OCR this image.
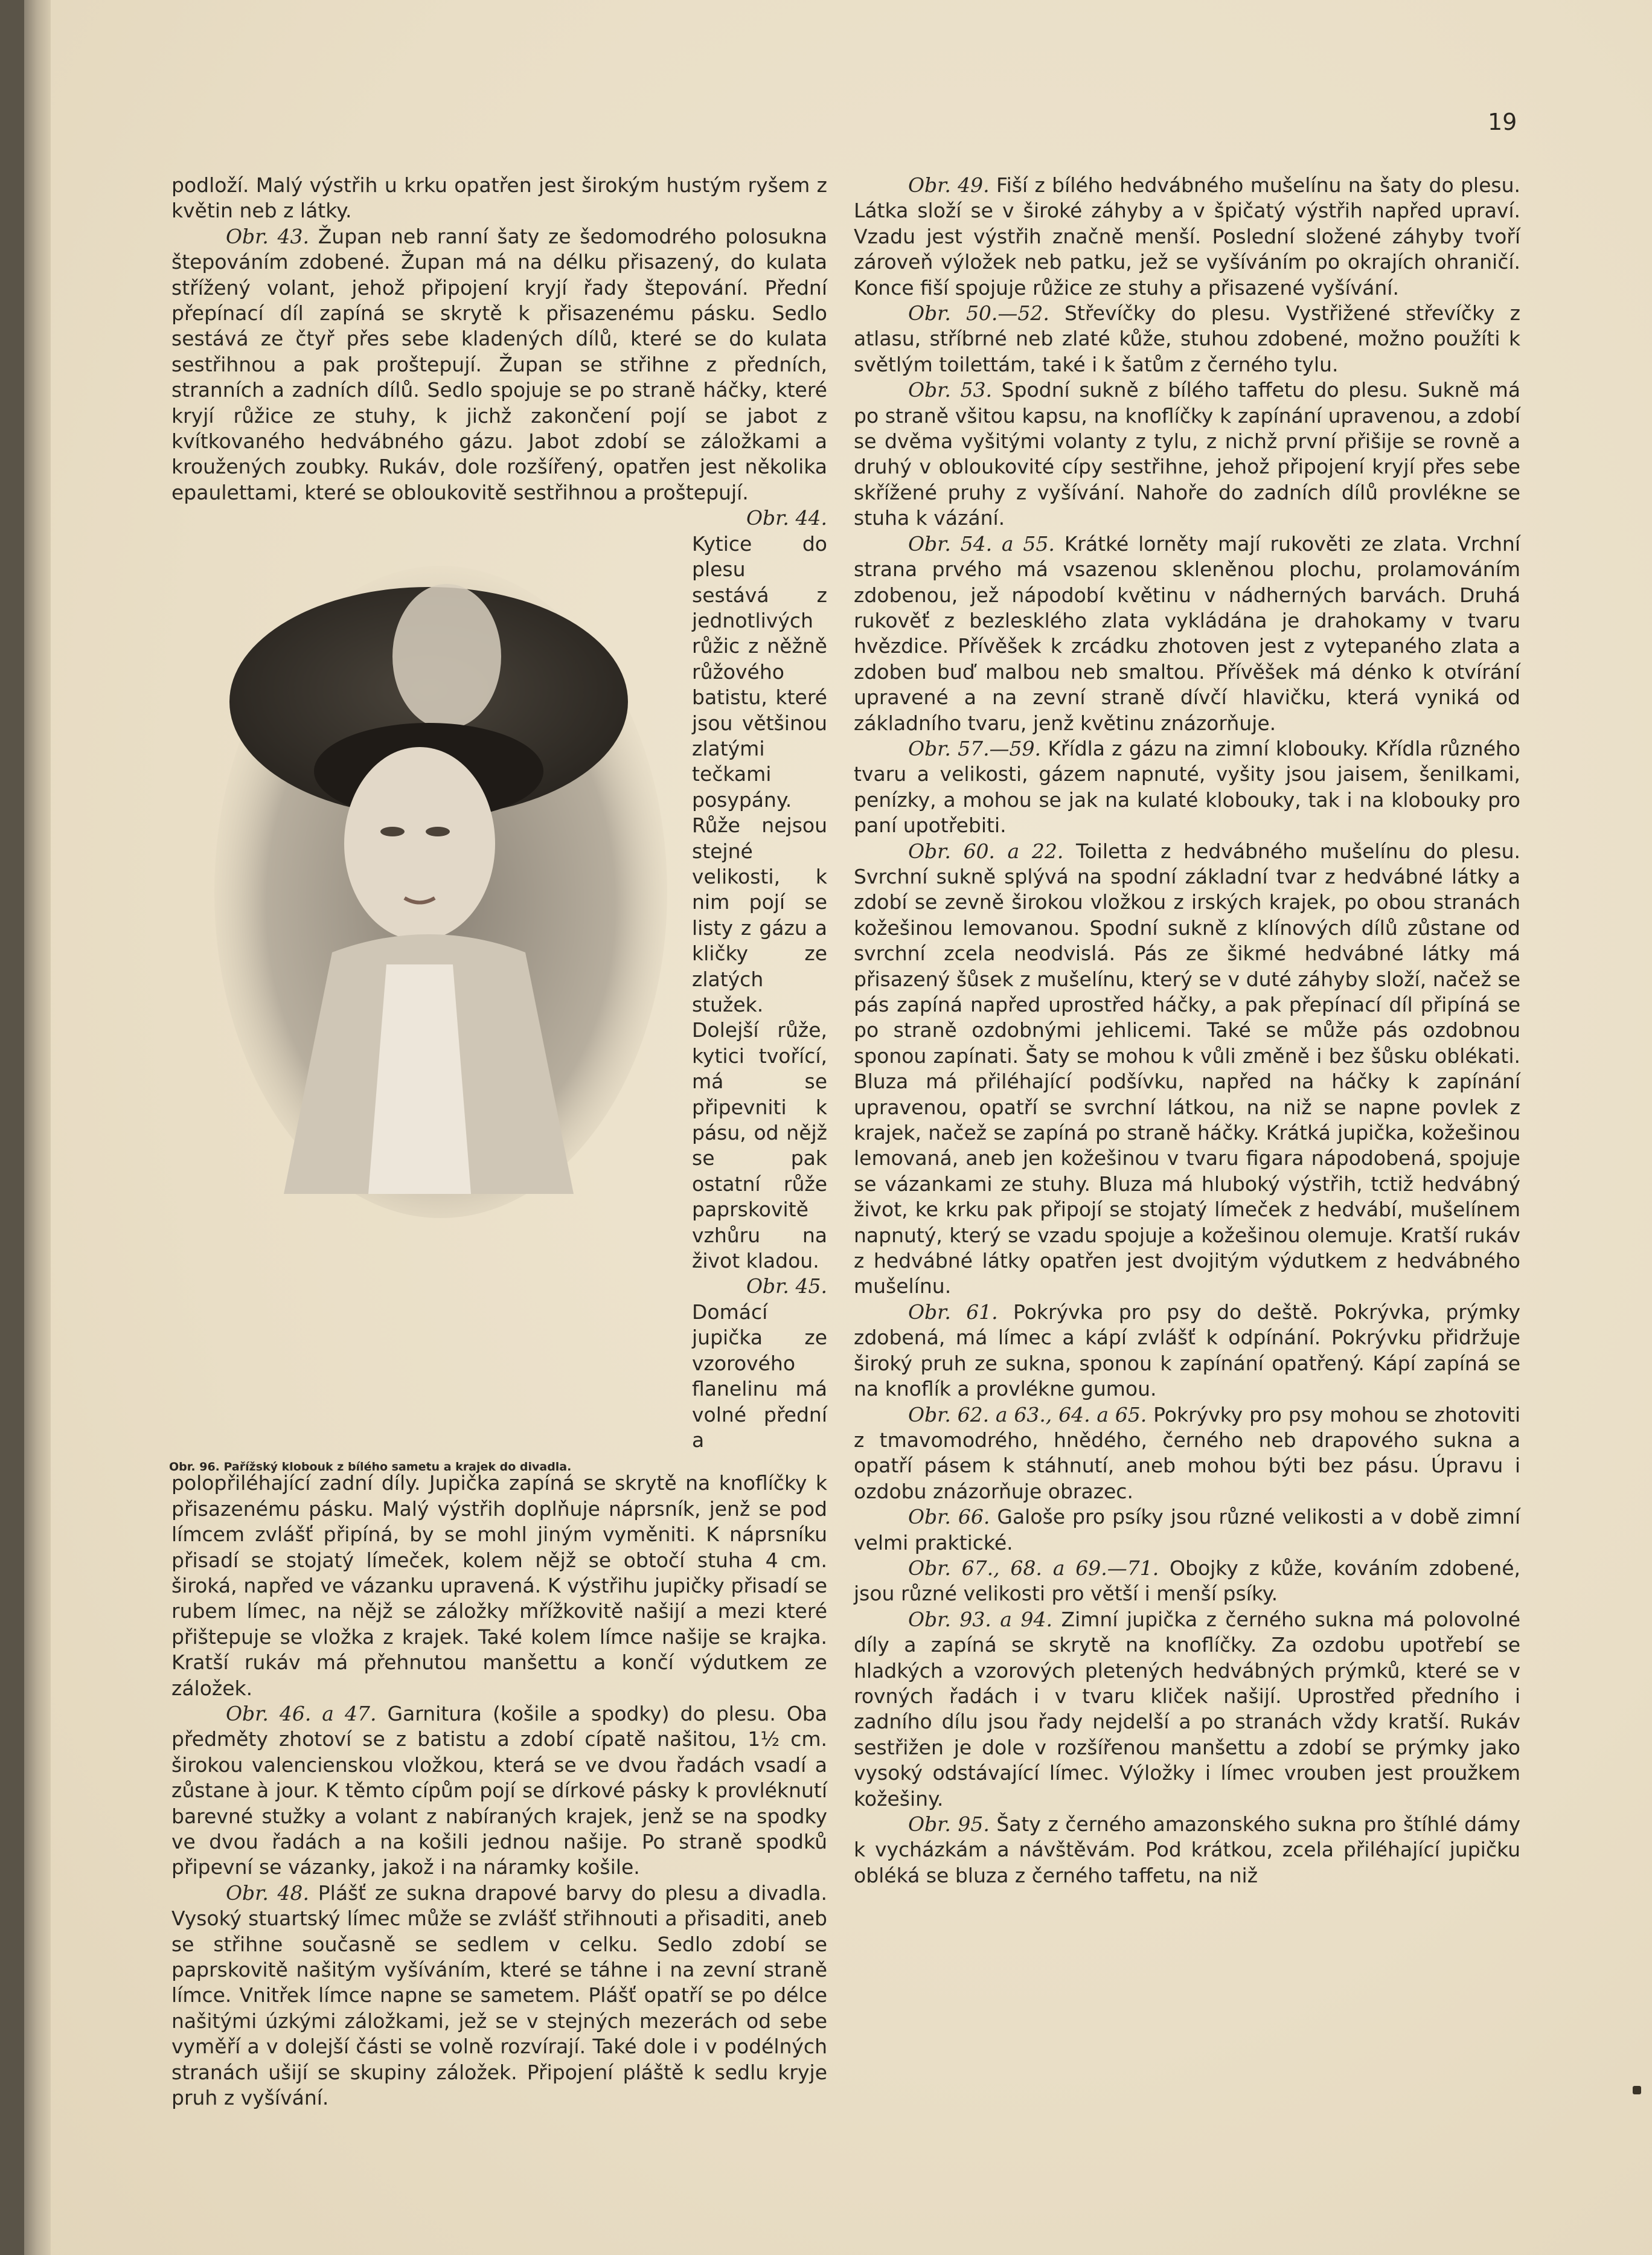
19

podloží. Malý výstřih u krku opatřen jest širokým hustým ryšem z květin neb z látky.

Obr. 43. Župan neb ranní šaty ze šedomodrého polosukna štepováním zdobené. Župan má na délku přisazený, do kulata střížený volant, jehož připojení kryjí řady štepování. Přední přepínací díl zapíná se skrytě k přisazenému pásku. Sedlo sestává ze čtyř přes sebe kladených dílů, které se do kulata sestřihnou a pak proštepují. Župan se střihne z předních, stranních a zadních dílů. Sedlo spojuje se po straně háčky, které kryjí růžice ze stuhy, k jichž zakončení pojí se jabot z kvítkovaného hedvábného gázu. Jabot zdobí se záložkami a kroužených zoubky. Rukáv, dole rozšířený, opatřen jest několika epaulettami, které se obloukovitě sestřihnou a proštepují.

Obr. 96. Pařížský klobouk z bílého sametu a krajek do divadla.

Obr. 44. Kytice do plesu sestává z jednotlivých růžic z něžně růžového batistu, které jsou většinou zlatými tečkami posypány. Růže nejsou stejné velikosti, k nim pojí se listy z gázu a kličky ze zlatých stužek. Dolejší růže, kytici tvořící, má se připevniti k pásu, od nějž se pak ostatní růže paprskovitě vzhůru na život kladou.

Obr. 45. Domácí jupička ze vzorového flanelinu má volné přední a polopřiléhající zadní díly. Jupička zapíná se skrytě na knoflíčky k přisazenému pásku. Malý výstřih doplňuje náprsník, jenž se pod límcem zvlášť připíná, by se mohl jiným vyměniti. K náprsníku přisadí se stojatý límeček, kolem nějž se obtočí stuha 4 cm. široká, napřed ve vázanku upravená. K výstřihu jupičky přisadí se rubem límec, na nějž se záložky mřížkovitě našijí a mezi které přištepuje se vložka z krajek. Také kolem límce našije se krajka. Kratší rukáv má přehnutou manšettu a končí výdutkem ze záložek.

Obr. 46. a 47. Garnitura (košile a spodky) do plesu. Oba předměty zhotoví se z batistu a zdobí cípatě našitou, 1½ cm. širokou valencienskou vložkou, která se ve dvou řadách vsadí a zůstane à jour. K těmto cípům pojí se dírkové pásky k provléknutí barevné stužky a volant z nabíraných krajek, jenž se na spodky ve dvou řadách a na košili jednou našije. Po straně spodků připevní se vázanky, jakož i na náramky košile.

Obr. 48. Plášť ze sukna drapové barvy do plesu a divadla. Vysoký stuartský límec může se zvlášť střihnouti a přisaditi, aneb se střihne současně se sedlem v celku. Sedlo zdobí se paprskovitě našitým vyšíváním, které se táhne i na zevní straně límce. Vnitřek límce napne se sametem. Plášť opatří se po délce našitými úzkými záložkami, jež se v stejných mezerách od sebe vyměří a v dolejší části se volně rozvírají. Také dole i v podélných stranách ušijí se skupiny záložek. Připojení pláště k sedlu kryje pruh z vyšívání.

Obr. 49. Fiší z bílého hedvábného mušelínu na šaty do plesu. Látka složí se v široké záhyby a v špičatý výstřih napřed upraví. Vzadu jest výstřih značně menší. Poslední složené záhyby tvoří zároveň výložek neb patku, jež se vyšíváním po okrajích ohraničí. Konce fiší spojuje růžice ze stuhy a přisazené vyšívání.

Obr. 50.—52. Střevíčky do plesu. Vystřižené střevíčky z atlasu, stříbrné neb zlaté kůže, stuhou zdobené, možno použíti k světlým toilettám, také i k šatům z černého tylu.

Obr. 53. Spodní sukně z bílého taffetu do plesu. Sukně má po straně všitou kapsu, na knoflíčky k zapínání upravenou, a zdobí se dvěma vyšitými volanty z tylu, z nichž první přišije se rovně a druhý v obloukovité cípy sestřihne, jehož připojení kryjí přes sebe skřížené pruhy z vyšívání. Nahoře do zadních dílů provlékne se stuha k vázání.

Obr. 54. a 55. Krátké lorněty mají rukověti ze zlata. Vrchní strana prvého má vsazenou skleněnou plochu, prolamováním zdobenou, jež nápodobí květinu v nádherných barvách. Druhá rukověť z bezleskléhо zlata vykládána je drahokamy v tvaru hvězdice. Přívěšek k zrcádku zhotoven jest z vytepaného zlata a zdoben buď malbou neb smaltou. Přívěšek má dénko k otvírání upravené a na zevní straně dívčí hlavičku, která vyniká od základního tvaru, jenž květinu znázorňuje.

Obr. 57.—59. Křídla z gázu na zimní klobouky. Křídla různého tvaru a velikosti, gázem napnuté, vyšity jsou jaisem, šenilkami, penízky, a mohou se jak na kulaté klobouky, tak i na klobouky pro paní upotřebiti.

Obr. 60. a 22. Toiletta z hedvábného mušelínu do plesu. Svrchní sukně splývá na spodní základní tvar z hedvábné látky a zdobí se zevně širokou vložkou z irských krajek, po obou stranách kožešinou lemovanou. Spodní sukně z klínových dílů zůstane od svrchní zcela neodvislá. Pás ze šikmé hedvábné látky má přisazený šůsek z mušelínu, který se v duté záhyby složí, načež se pás zapíná napřed uprostřed háčky, a pak přepínací díl připíná se po straně ozdobnými jehlicemi. Také se může pás ozdobnou sponou zapínati. Šaty se mohou k vůli změně i bez šůsku oblékati. Bluza má přiléhající podšívku, napřed na háčky k zapínání upravenou, opatří se svrchní látkou, na niž se napne povlek z krajek, načež se zapíná po straně háčky. Krátká jupička, kožešinou lemovaná, aneb jen kožešinou v tvaru figara nápodobená, spojuje se vázankami ze stuhy. Bluza má hluboký výstřih, tctiž hedvábný život, ke krku pak připojí se stojatý límeček z hedvábí, mušelínem napnutý, který se vzadu spojuje a kožešinou olemuje. Kratší rukáv z hedvábné látky opatřen jest dvojitým výdutkem z hedvábného mušelínu.

Obr. 61. Pokrývka pro psy do deště. Pokrývka, prýmky zdobená, má límec a kápí zvlášť k odpínání. Pokrývku přidržuje široký pruh ze sukna, sponou k zapínání opatřený. Kápí zapíná se na knoflík a provlékne gumou.

Obr. 62. a 63., 64. a 65. Pokrývky pro psy mohou se zhotoviti z tmavomodrého, hnědého, černého neb drapového sukna a opatří pásem k stáhnutí, aneb mohou býti bez pásu. Úpravu i ozdobu znázorňuje obrazec.

Obr. 66. Galoše pro psíky jsou různé velikosti a v době zimní velmi praktické.

Obr. 67., 68. a 69.—71. Obojky z kůže, kováním zdobené, jsou různé velikosti pro větší i menší psíky.

Obr. 93. a 94. Zimní jupička z černého sukna má polovolné díly a zapíná se skrytě na knoflíčky. Za ozdobu upotřebí se hladkých a vzorových pletených hedvábných prýmků, které se v rovných řadách i v tvaru kliček našijí. Uprostřed předního i zadního dílu jsou řady nejdelší a po stranách vždy kratší. Rukáv sestřižen je dole v rozšířenou manšettu a zdobí se prýmky jako vysoký odstávající límec. Výložky i límec vrouben jest proužkem kožešiny.

Obr. 95. Šaty z černého amazonského sukna pro štíhlé dámy k vycházkám a návštěvám. Pod krátkou, zcela přiléhající jupičku obléká se bluza z černého taffetu, na niž
